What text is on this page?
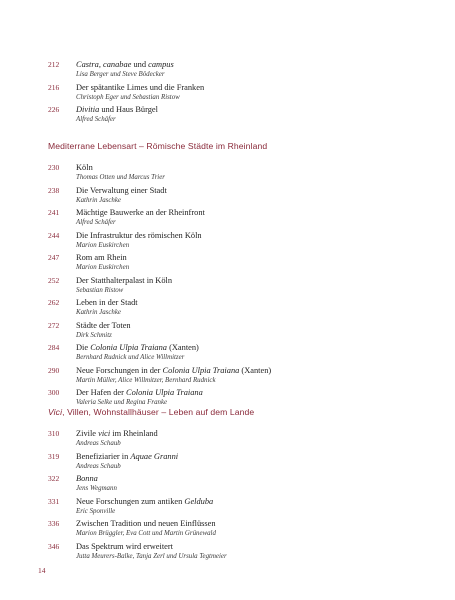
212 Castra, canabae und campus
Lisa Berger und Steve Bödecker
216 Der spätantike Limes und die Franken
Christoph Eger und Sebastian Ristow
226 Divitia und Haus Bürgel
Alfred Schäfer
Mediterrane Lebensart – Römische Städte im Rheinland
230 Köln
Thomas Otten und Marcus Trier
238 Die Verwaltung einer Stadt
Kathrin Jaschke
241 Mächtige Bauwerke an der Rheinfront
Alfred Schäfer
244 Die Infrastruktur des römischen Köln
Marion Euskirchen
247 Rom am Rhein
Marion Euskirchen
252 Der Statthalterpalast in Köln
Sebastian Ristow
262 Leben in der Stadt
Kathrin Jaschke
272 Städte der Toten
Dirk Schmitz
284 Die Colonia Ulpia Traiana (Xanten)
Bernhard Rudnick und Alice Willmitzer
290 Neue Forschungen in der Colonia Ulpia Traiana (Xanten)
Martin Müller, Alice Willmitzer, Bernhard Rudnick
300 Der Hafen der Colonia Ulpia Traiana
Valeria Selke und Regina Franke
Vici, Villen, Wohnstallhäuser – Leben auf dem Lande
310 Zivile vici im Rheinland
Andreas Schaub
319 Benefiziarier in Aquae Granni
Andreas Schaub
322 Bonna
Jens Wegmann
331 Neue Forschungen zum antiken Gelduba
Eric Sponville
336 Zwischen Tradition und neuen Einflüssen
Marion Brüggler, Eva Cott und Martin Grünewald
346 Das Spektrum wird erweitert
Jutta Meurers-Balke, Tanja Zerl und Ursula Tegtmeier
14
